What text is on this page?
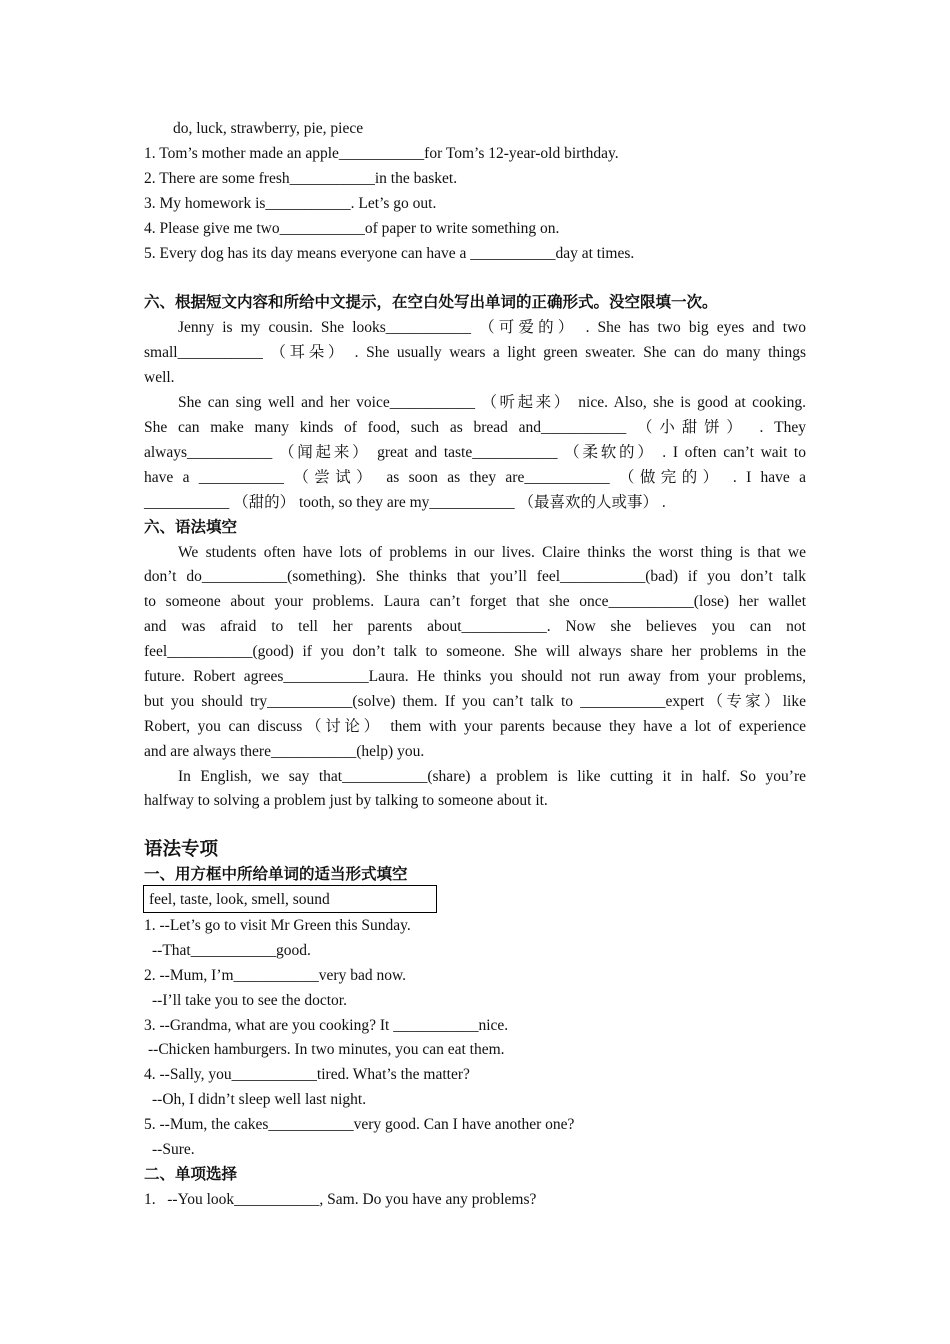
do, luck, strawberry, pie, piece
1. Tom’s mother made an apple___________for Tom’s 12-year-old birthday.
2. There are some fresh___________in the basket.
3. My homework is___________. Let’s go out.
4. Please give me two___________of paper to write something on.
5. Every dog has its day means everyone can have a ___________day at times.
六、根据短文内容和所给中文提示，在空白处写出单词的正确形式。没空限填一次。
Jenny is my cousin. She looks___________ （可爱的） . She has two big eyes and two
small___________ （耳朵） . She usually wears a light green sweater. She can do many things
well.
She can sing well and her voice___________ （听起来） nice. Also, she is good at cooking.
She can make many kinds of food, such as bread and___________ （小甜饼） . They
always___________ （闻起来） great and taste___________ （柔软的） . I often can’t wait to
have a ___________ （尝试） as soon as they are___________ （做完的） . I have a
___________ （甜的） tooth, so they are my___________ （最喜欢的人或事） .
六、语法填空
We students often have lots of problems in our lives. Claire thinks the worst thing is that we
don’t do___________(something). She thinks that you’ll feel___________(bad) if you don’t talk
to someone about your problems. Laura can’t forget that she once___________(lose) her wallet
and was afraid to tell her parents about___________. Now she believes you can not
feel___________(good) if you don’t talk to someone. She will always share her problems in the
future. Robert agrees___________Laura. He thinks you should not run away from your problems,
but you should try___________(solve) them. If you can’t talk to ___________expert（专家）like
Robert, you can discuss（讨论） them with your parents because they have a lot of experience
and are always there___________(help) you.
In English, we say that___________(share) a problem is like cutting it in half. So you’re
halfway to solving a problem just by talking to someone about it.
语法专项
一、用方框中所给单词的适当形式填空
feel, taste, look, smell, sound
1. --Let’s go to visit Mr Green this Sunday.
--That___________good.
2. --Mum, I’m___________very bad now.
--I’ll take you to see the doctor.
3. --Grandma, what are you cooking? It ___________nice.
--Chicken hamburgers. In two minutes, you can eat them.
4. --Sally, you___________tired. What’s the matter?
--Oh, I didn’t sleep well last night.
5. --Mum, the cakes___________very good. Can I have another one?
--Sure.
二、单项选择
1.   --You look___________, Sam. Do you have any problems?
